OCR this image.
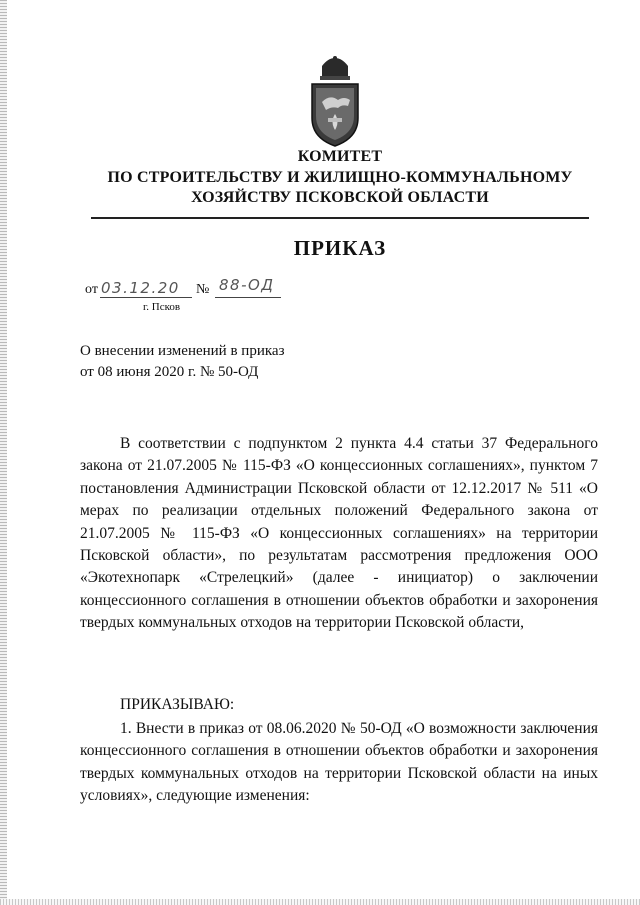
КОМИТЕТ
ПО СТРОИТЕЛЬСТВУ И ЖИЛИЩНО-КОММУНАЛЬНОМУ
ХОЗЯЙСТВУ ПСКОВСКОЙ ОБЛАСТИ
ПРИКАЗ
от 03.12.20 № 88-ОД
г. Псков
О внесении изменений в приказ
от 08 июня 2020 г. № 50-ОД

В соответствии с подпунктом 2 пункта 4.4 статьи 37 Федерального закона от 21.07.2005 № 115-ФЗ «О концессионных соглашениях», пунктом 7 постановления Администрации Псковской области от 12.12.2017 № 511 «О мерах по реализации отдельных положений Федерального закона от 21.07.2005 № 115-ФЗ «О концессионных соглашениях» на территории Псковской области», по результатам рассмотрения предложения ООО «Экотехнопарк «Стрелецкий» (далее - инициатор) о заключении концессионного соглашения в отношении объектов обработки и захоронения твердых коммунальных отходов на территории Псковской области,

ПРИКАЗЫВАЮ:

1. Внести в приказ от 08.06.2020 № 50-ОД «О возможности заключения концессионного соглашения в отношении объектов обработки и захоронения твердых коммунальных отходов на территории Псковской области на иных условиях», следующие изменения:
